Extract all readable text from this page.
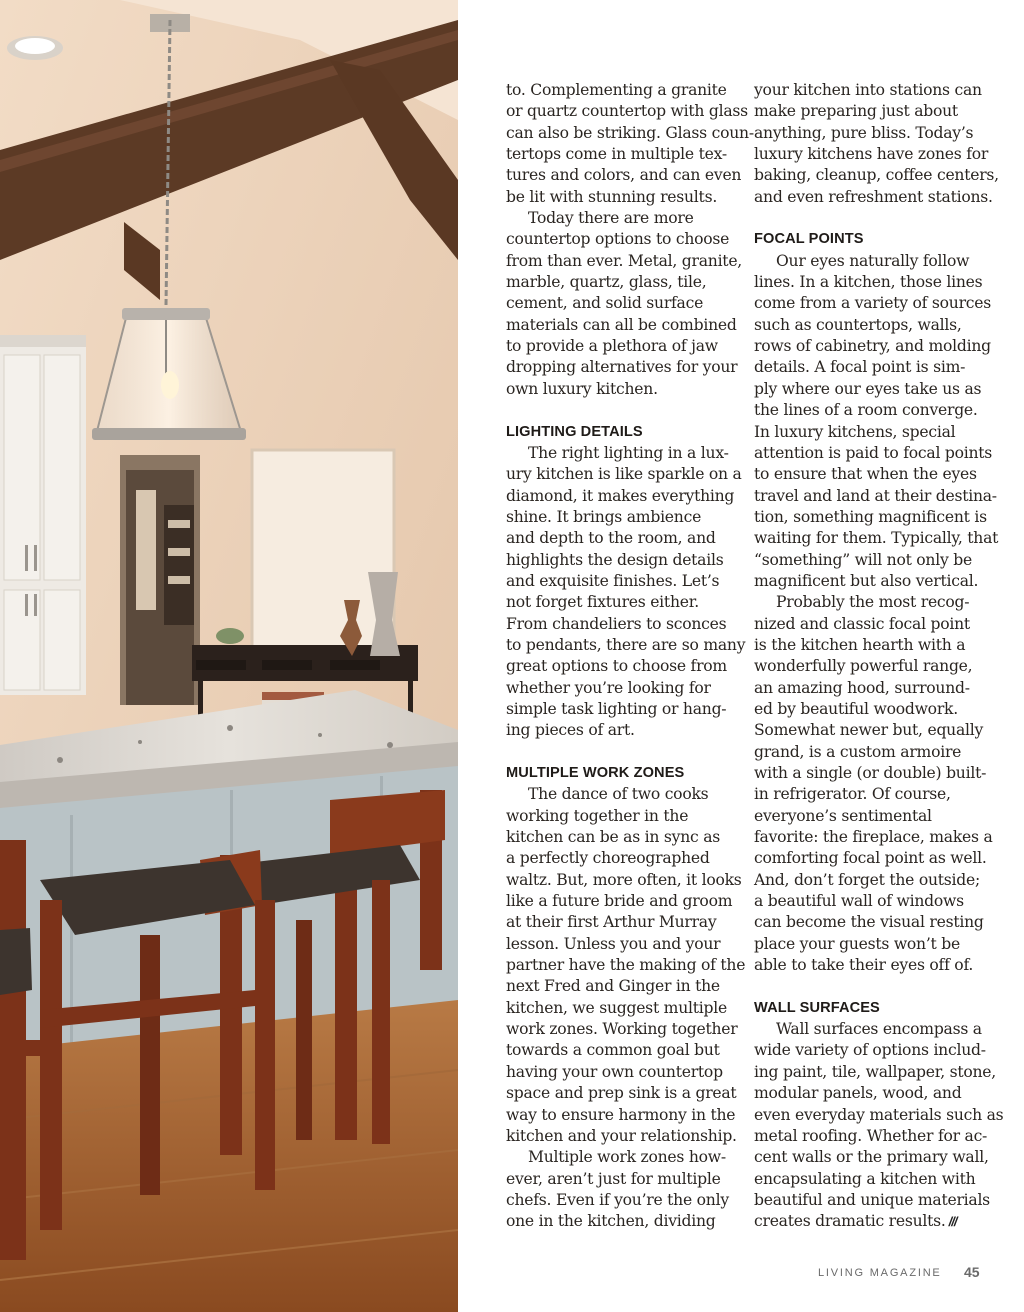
to. Complementing a granite
or quartz countertop with glass
can also be striking. Glass coun-
tertops come in multiple tex-
tures and colors, and can even
be lit with stunning results.
Today there are more
countertop options to choose
from than ever. Metal, granite,
marble, quartz, glass, tile,
cement, and solid surface
materials can all be combined
to provide a plethora of jaw
dropping alternatives for your
own luxury kitchen.
LIGHTING DETAILS
The right lighting in a lux-
ury kitchen is like sparkle on a
diamond, it makes everything
shine. It brings ambience
and depth to the room, and
highlights the design details
and exquisite finishes. Let’s
not forget fixtures either.
From chandeliers to sconces
to pendants, there are so many
great options to choose from
whether you’re looking for
simple task lighting or hang-
ing pieces of art.
MULTIPLE WORK ZONES
The dance of two cooks
working together in the
kitchen can be as in sync as
a perfectly choreographed
waltz. But, more often, it looks
like a future bride and groom
at their first Arthur Murray
lesson. Unless you and your
partner have the making of the
next Fred and Ginger in the
kitchen, we suggest multiple
work zones. Working together
towards a common goal but
having your own countertop
space and prep sink is a great
way to ensure harmony in the
kitchen and your relationship.
Multiple work zones how-
ever, aren’t just for multiple
chefs. Even if you’re the only
one in the kitchen, dividing
your kitchen into stations can
make preparing just about
anything, pure bliss. Today’s
luxury kitchens have zones for
baking, cleanup, coffee centers,
and even refreshment stations.
FOCAL POINTS
Our eyes naturally follow
lines. In a kitchen, those lines
come from a variety of sources
such as countertops, walls,
rows of cabinetry, and molding
details. A focal point is sim-
ply where our eyes take us as
the lines of a room converge.
In luxury kitchens, special
attention is paid to focal points
to ensure that when the eyes
travel and land at their destina-
tion, something magnificent is
waiting for them. Typically, that
“something” will not only be
magnificent but also vertical.
Probably the most recog-
nized and classic focal point
is the kitchen hearth with a
wonderfully powerful range,
an amazing hood, surround-
ed by beautiful woodwork.
Somewhat newer but, equally
grand, is a custom armoire
with a single (or double) built-
in refrigerator. Of course,
everyone’s sentimental
favorite: the fireplace, makes a
comforting focal point as well.
And, don’t forget the outside;
a beautiful wall of windows
can become the visual resting
place your guests won’t be
able to take their eyes off of.
WALL SURFACES
Wall surfaces encompass a
wide variety of options includ-
ing paint, tile, wallpaper, stone,
modular panels, wood, and
even everyday materials such as
metal roofing. Whether for ac-
cent walls or the primary wall,
encapsulating a kitchen with
beautiful and unique materials
creates dramatic results. ///
LIVING MAGAZINE 45
